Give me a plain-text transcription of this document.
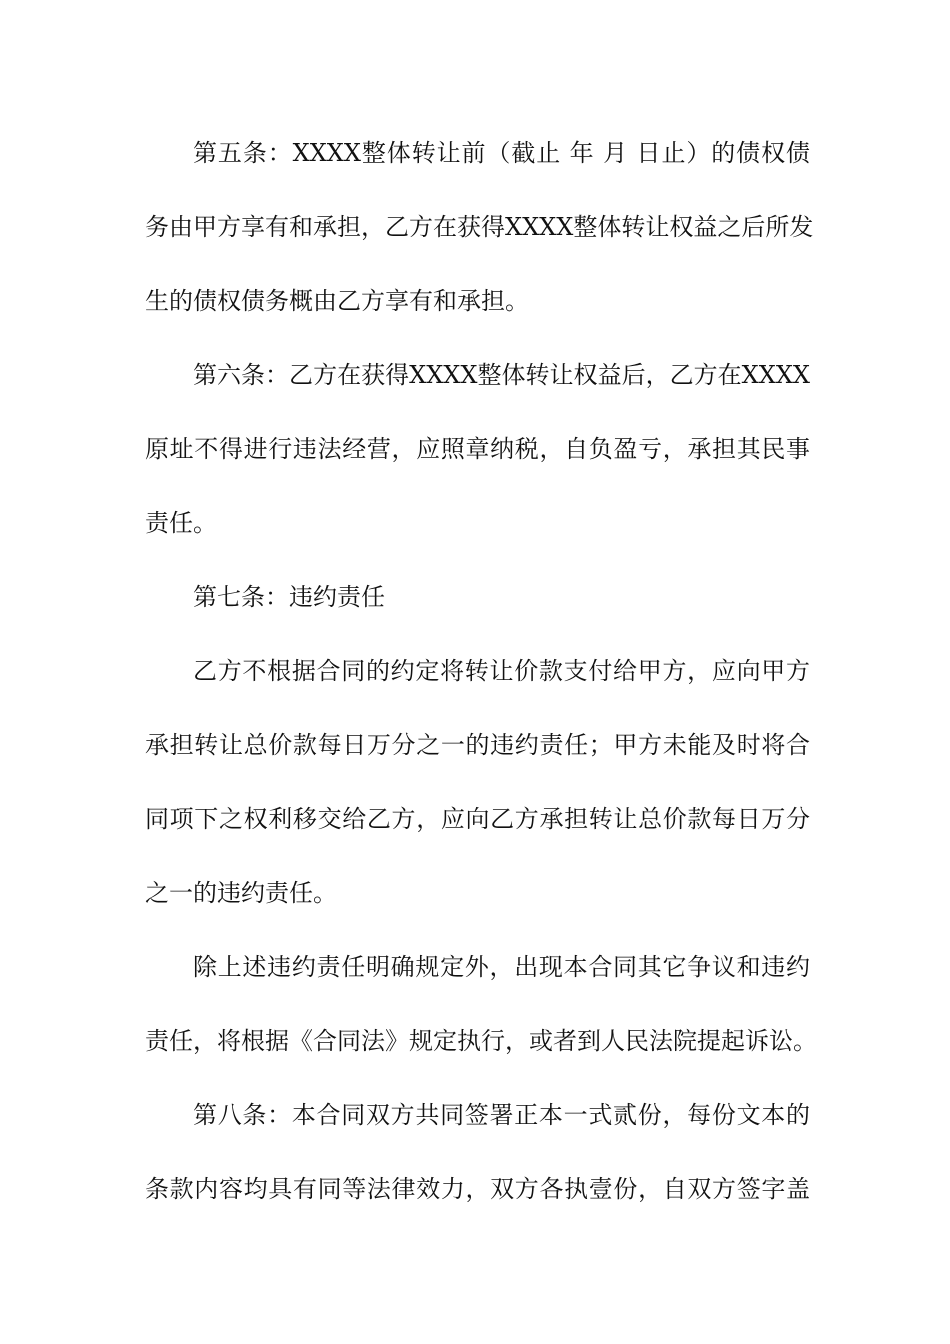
第五条：XXXX整体转让前（截止 年 月 日止）的债权债
务由甲方享有和承担，乙方在获得XXXX整体转让权益之后所发
生的债权债务概由乙方享有和承担。
第六条：乙方在获得XXXX整体转让权益后，乙方在XXXX
原址不得进行违法经营，应照章纳税，自负盈亏，承担其民事
责任。
第七条：违约责任
乙方不根据合同的约定将转让价款支付给甲方，应向甲方
承担转让总价款每日万分之一的违约责任；甲方未能及时将合
同项下之权利移交给乙方，应向乙方承担转让总价款每日万分
之一的违约责任。
除上述违约责任明确规定外，出现本合同其它争议和违约
责任，将根据《合同法》规定执行，或者到人民法院提起诉讼。
第八条：本合同双方共同签署正本一式贰份，每份文本的
条款内容均具有同等法律效力，双方各执壹份，自双方签字盖
